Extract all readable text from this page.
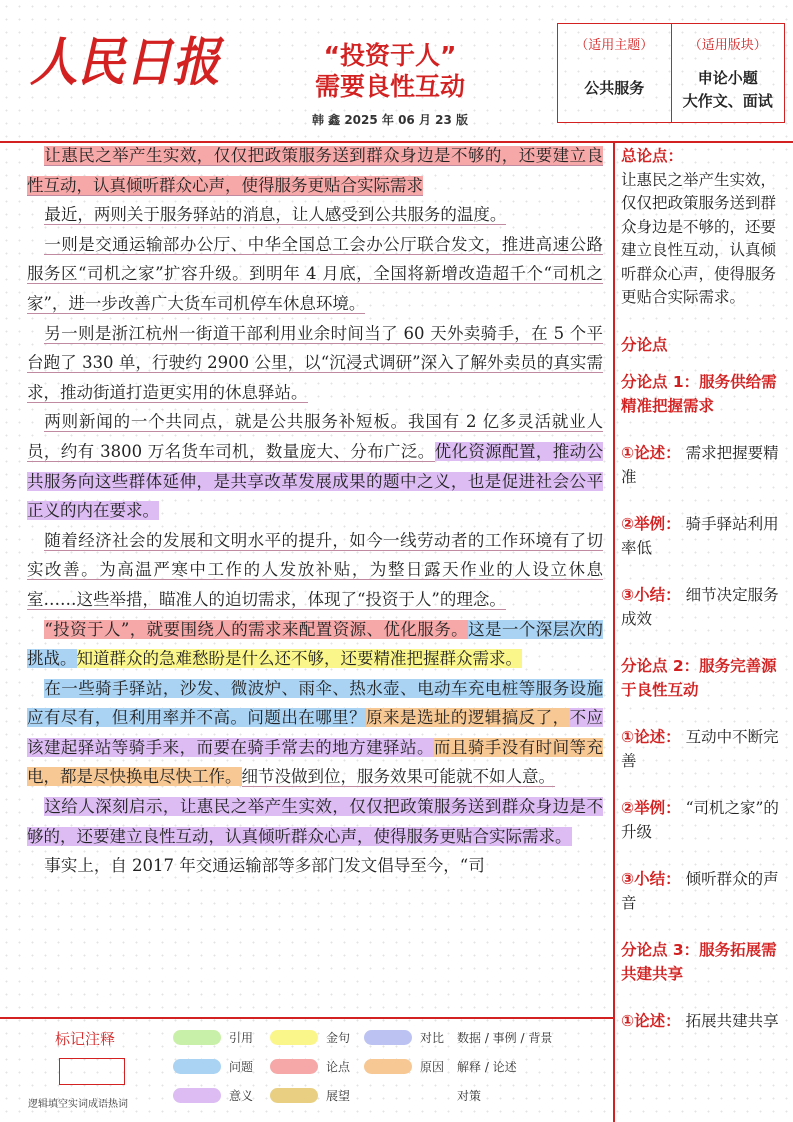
人民日报	“投资于人”
需要良性互动
韩 鑫 2025 年 06 月 23 版
（适用主题）
公共服务
（适用版块）
申论小题
大作文、面试

让惠民之举产生实效，仅仅把政策服务送到群众身边是不够的，还要建立良性互动，认真倾听群众心声，使得服务更贴合实际需求

最近，两则关于服务驿站的消息，让人感受到公共服务的温度。

一则是交通运输部办公厅、中华全国总工会办公厅联合发文，推进高速公路服务区“司机之家”扩容升级。到明年 4 月底，全国将新增改造超千个“司机之家”，进一步改善广大货车司机停车休息环境。

另一则是浙江杭州一街道干部利用业余时间当了 60 天外卖骑手，在 5 个平台跑了 330 单，行驶约 2900 公里，以“沉浸式调研”深入了解外卖员的真实需求，推动街道打造更实用的休息驿站。

两则新闻的一个共同点，就是公共服务补短板。我国有 2 亿多灵活就业人员，约有 3800 万名货车司机，数量庞大、分布广泛。优化资源配置，推动公共服务向这些群体延伸，是共享改革发展成果的题中之义，也是促进社会公平正义的内在要求。

随着经济社会的发展和文明水平的提升，如今一线劳动者的工作环境有了切实改善。为高温严寒中工作的人发放补贴，为整日露天作业的人设立休息室……这些举措，瞄准人的迫切需求，体现了“投资于人”的理念。

“投资于人”，就要围绕人的需求来配置资源、优化服务。这是一个深层次的挑战。知道群众的急难愁盼是什么还不够，还要精准把握群众需求。

在一些骑手驿站，沙发、微波炉、雨伞、热水壶、电动车充电桩等服务设施应有尽有，但利用率并不高。问题出在哪里？原来是选址的逻辑搞反了，不应该建起驿站等骑手来，而要在骑手常去的地方建驿站。而且骑手没有时间等充电，都是尽快换电尽快工作。细节没做到位，服务效果可能就不如人意。

这给人深刻启示，让惠民之举产生实效，仅仅把政策服务送到群众身边是不够的，还要建立良性互动，认真倾听群众心声，使得服务更贴合实际需求。

事实上，自 2017 年交通运输部等多部门发文倡导至今，“司

总论点：
让惠民之举产生实效，仅仅把政策服务送到群众身边是不够的，还要建立良性互动，认真倾听群众心声，使得服务更贴合实际需求。
分论点
分论点 1：服务供给需精准把握需求
①论述： 需求把握要精准
②举例： 骑手驿站利用率低
③小结： 细节决定服务成效
分论点 2：服务完善源于良性互动
①论述： 互动中不断完善
②举例： “司机之家”的升级
③小结： 倾听群众的声音
分论点 3：服务拓展需共建共享
①论述： 拓展共建共享
标记注释
逻辑填空实词成语热词
引用	金句	对比
问题	论点	原因
意义	展望
数据 / 事例 / 背景
解释 / 论述
对策
